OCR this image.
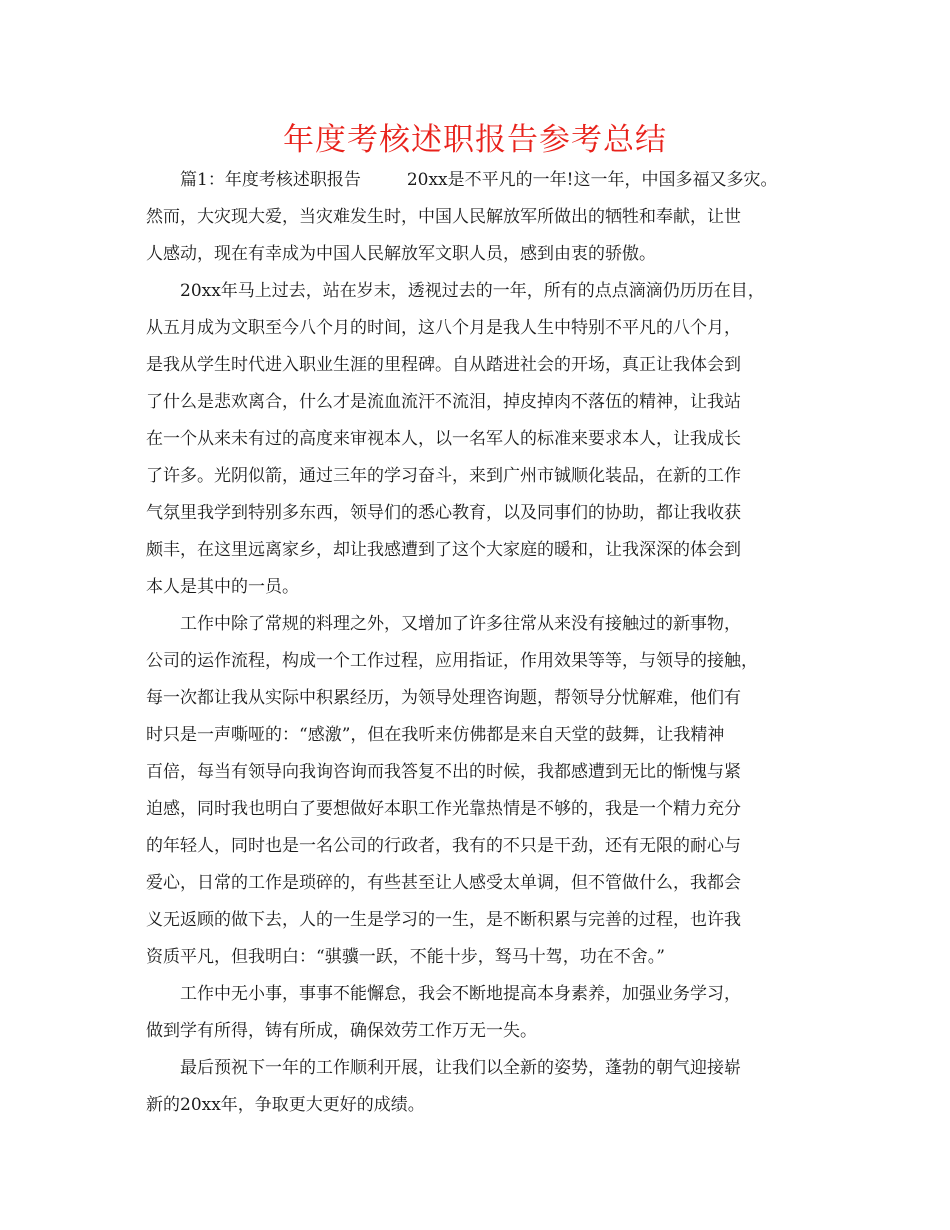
年度考核述职报告参考总结
篇1：年度考核述职报告	20xx是不平凡的一年!这一年，中国多福又多灾。
然而，大灾现大爱，当灾难发生时，中国人民解放军所做出的牺牲和奉献，让世
人感动，现在有幸成为中国人民解放军文职人员，感到由衷的骄傲。
20xx年马上过去，站在岁末，透视过去的一年，所有的点点滴滴仍历历在目，
从五月成为文职至今八个月的时间，这八个月是我人生中特别不平凡的八个月，
是我从学生时代进入职业生涯的里程碑。自从踏进社会的开场，真正让我体会到
了什么是悲欢离合，什么才是流血流汗不流泪，掉皮掉肉不落伍的精神，让我站
在一个从来未有过的高度来审视本人，以一名军人的标准来要求本人，让我成长
了许多。光阴似箭，通过三年的学习奋斗，来到广州市铖顺化装品，在新的工作
气氛里我学到特别多东西，领导们的悉心教育，以及同事们的协助，都让我收获
颇丰，在这里远离家乡，却让我感遭到了这个大家庭的暖和，让我深深的体会到
本人是其中的一员。
工作中除了常规的料理之外，又增加了许多往常从来没有接触过的新事物，
公司的运作流程，构成一个工作过程，应用指证，作用效果等等，与领导的接触，
每一次都让我从实际中积累经历，为领导处理咨询题，帮领导分忧解难，他们有
时只是一声嘶哑的：“感激”，但在我听来仿佛都是来自天堂的鼓舞，让我精神
百倍，每当有领导向我询咨询而我答复不出的时候，我都感遭到无比的惭愧与紧
迫感，同时我也明白了要想做好本职工作光靠热情是不够的，我是一个精力充分
的年轻人，同时也是一名公司的行政者，我有的不只是干劲，还有无限的耐心与
爱心，日常的工作是琐碎的，有些甚至让人感受太单调，但不管做什么，我都会
义无返顾的做下去，人的一生是学习的一生，是不断积累与完善的过程，也许我
资质平凡，但我明白：“骐骥一跃，不能十步，驽马十驾，功在不舍。”
工作中无小事，事事不能懈怠，我会不断地提高本身素养，加强业务学习，
做到学有所得，铸有所成，确保效劳工作万无一失。
最后预祝下一年的工作顺利开展，让我们以全新的姿势，蓬勃的朝气迎接崭
新的20xx年，争取更大更好的成绩。
